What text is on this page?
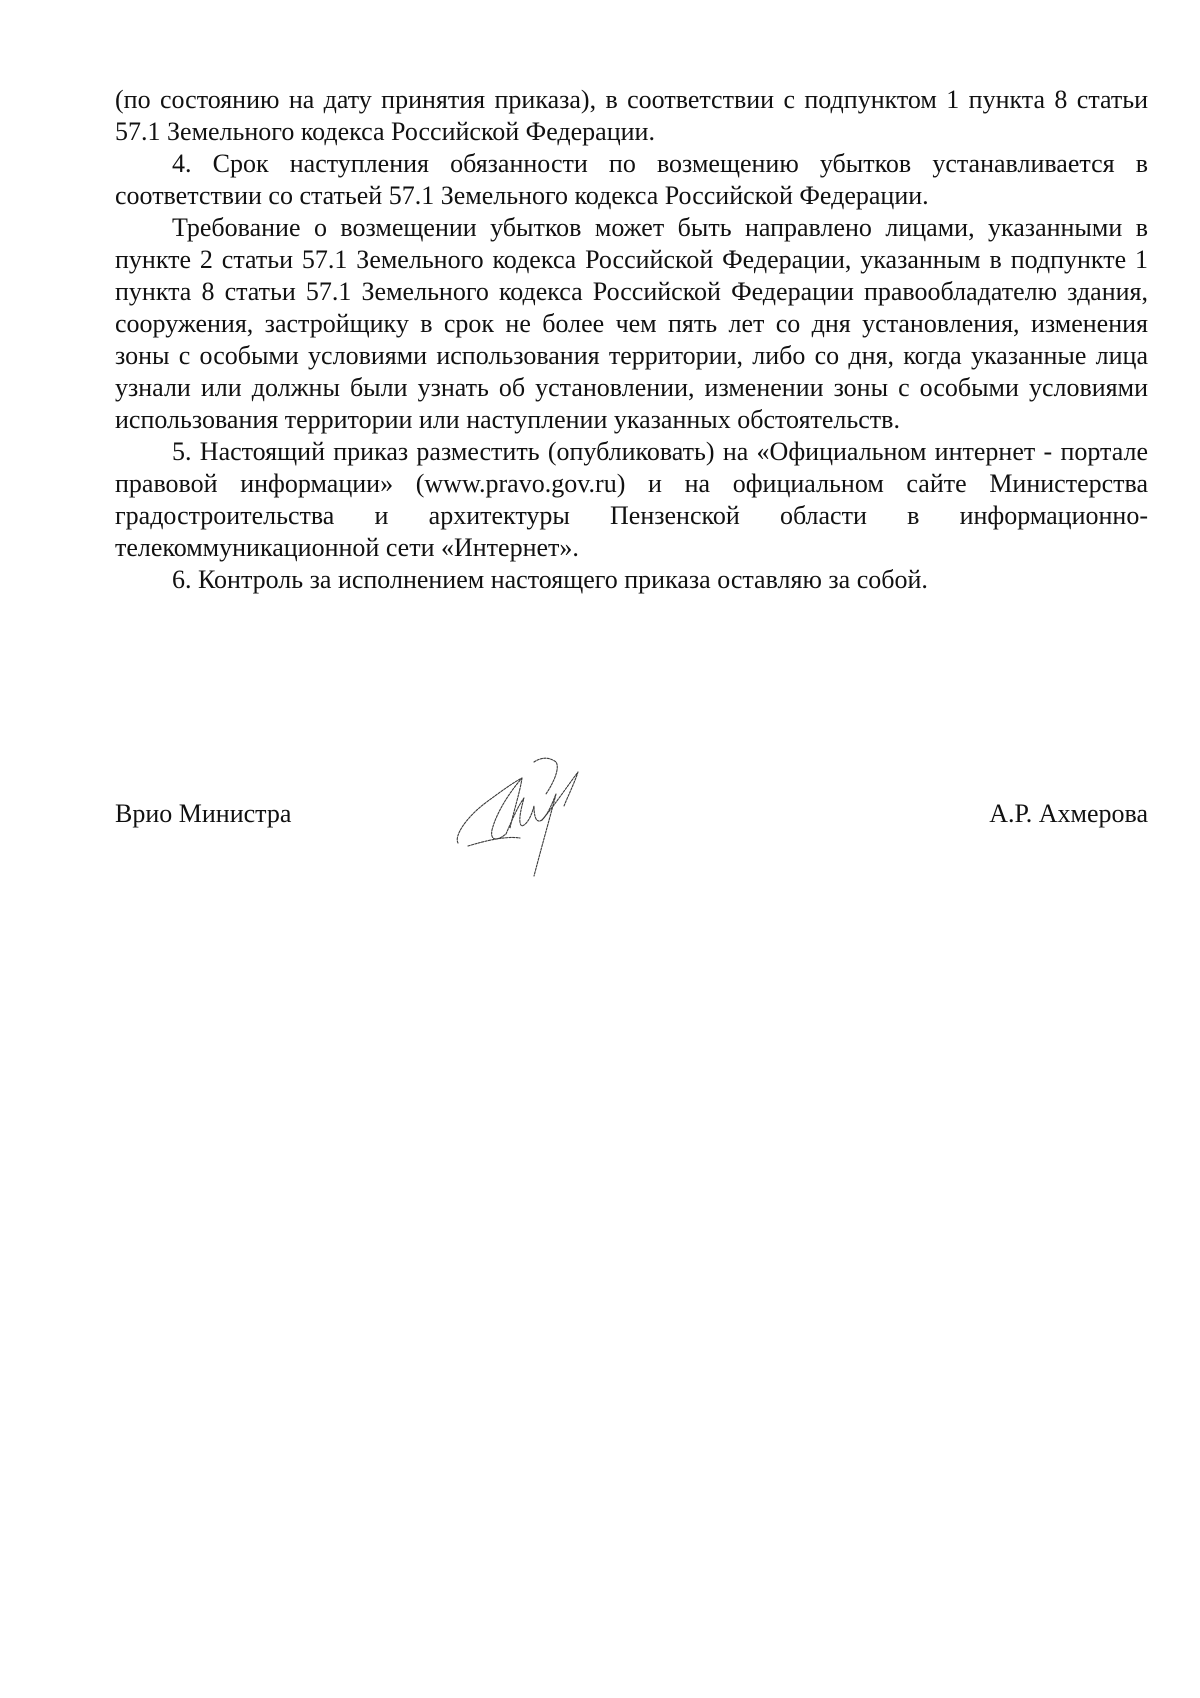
(по состоянию на дату принятия приказа), в соответствии с подпунктом 1 пункта 8 статьи 57.1 Земельного кодекса Российской Федерации.

4. Срок наступления обязанности по возмещению убытков устанавливается в соответствии со статьей 57.1 Земельного кодекса Российской Федерации.

Требование о возмещении убытков может быть направлено лицами, указанными в пункте 2 статьи 57.1 Земельного кодекса Российской Федерации, указанным в подпункте 1 пункта 8 статьи 57.1 Земельного кодекса Российской Федерации правообладателю здания, сооружения, застройщику в срок не более чем пять лет со дня установления, изменения зоны с особыми условиями использования территории, либо со дня, когда указанные лица узнали или должны были узнать об установлении, изменении зоны с особыми условиями использования территории или наступлении указанных обстоятельств.

5. Настоящий приказ разместить (опубликовать) на «Официальном интернет - портале правовой информации» (www.pravo.gov.ru) и на официальном сайте Министерства градостроительства и архитектуры Пензенской области в информационно-телекоммуникационной сети «Интернет».

6. Контроль за исполнением настоящего приказа оставляю за собой.

Врио Министра	А.Р. Ахмерова
